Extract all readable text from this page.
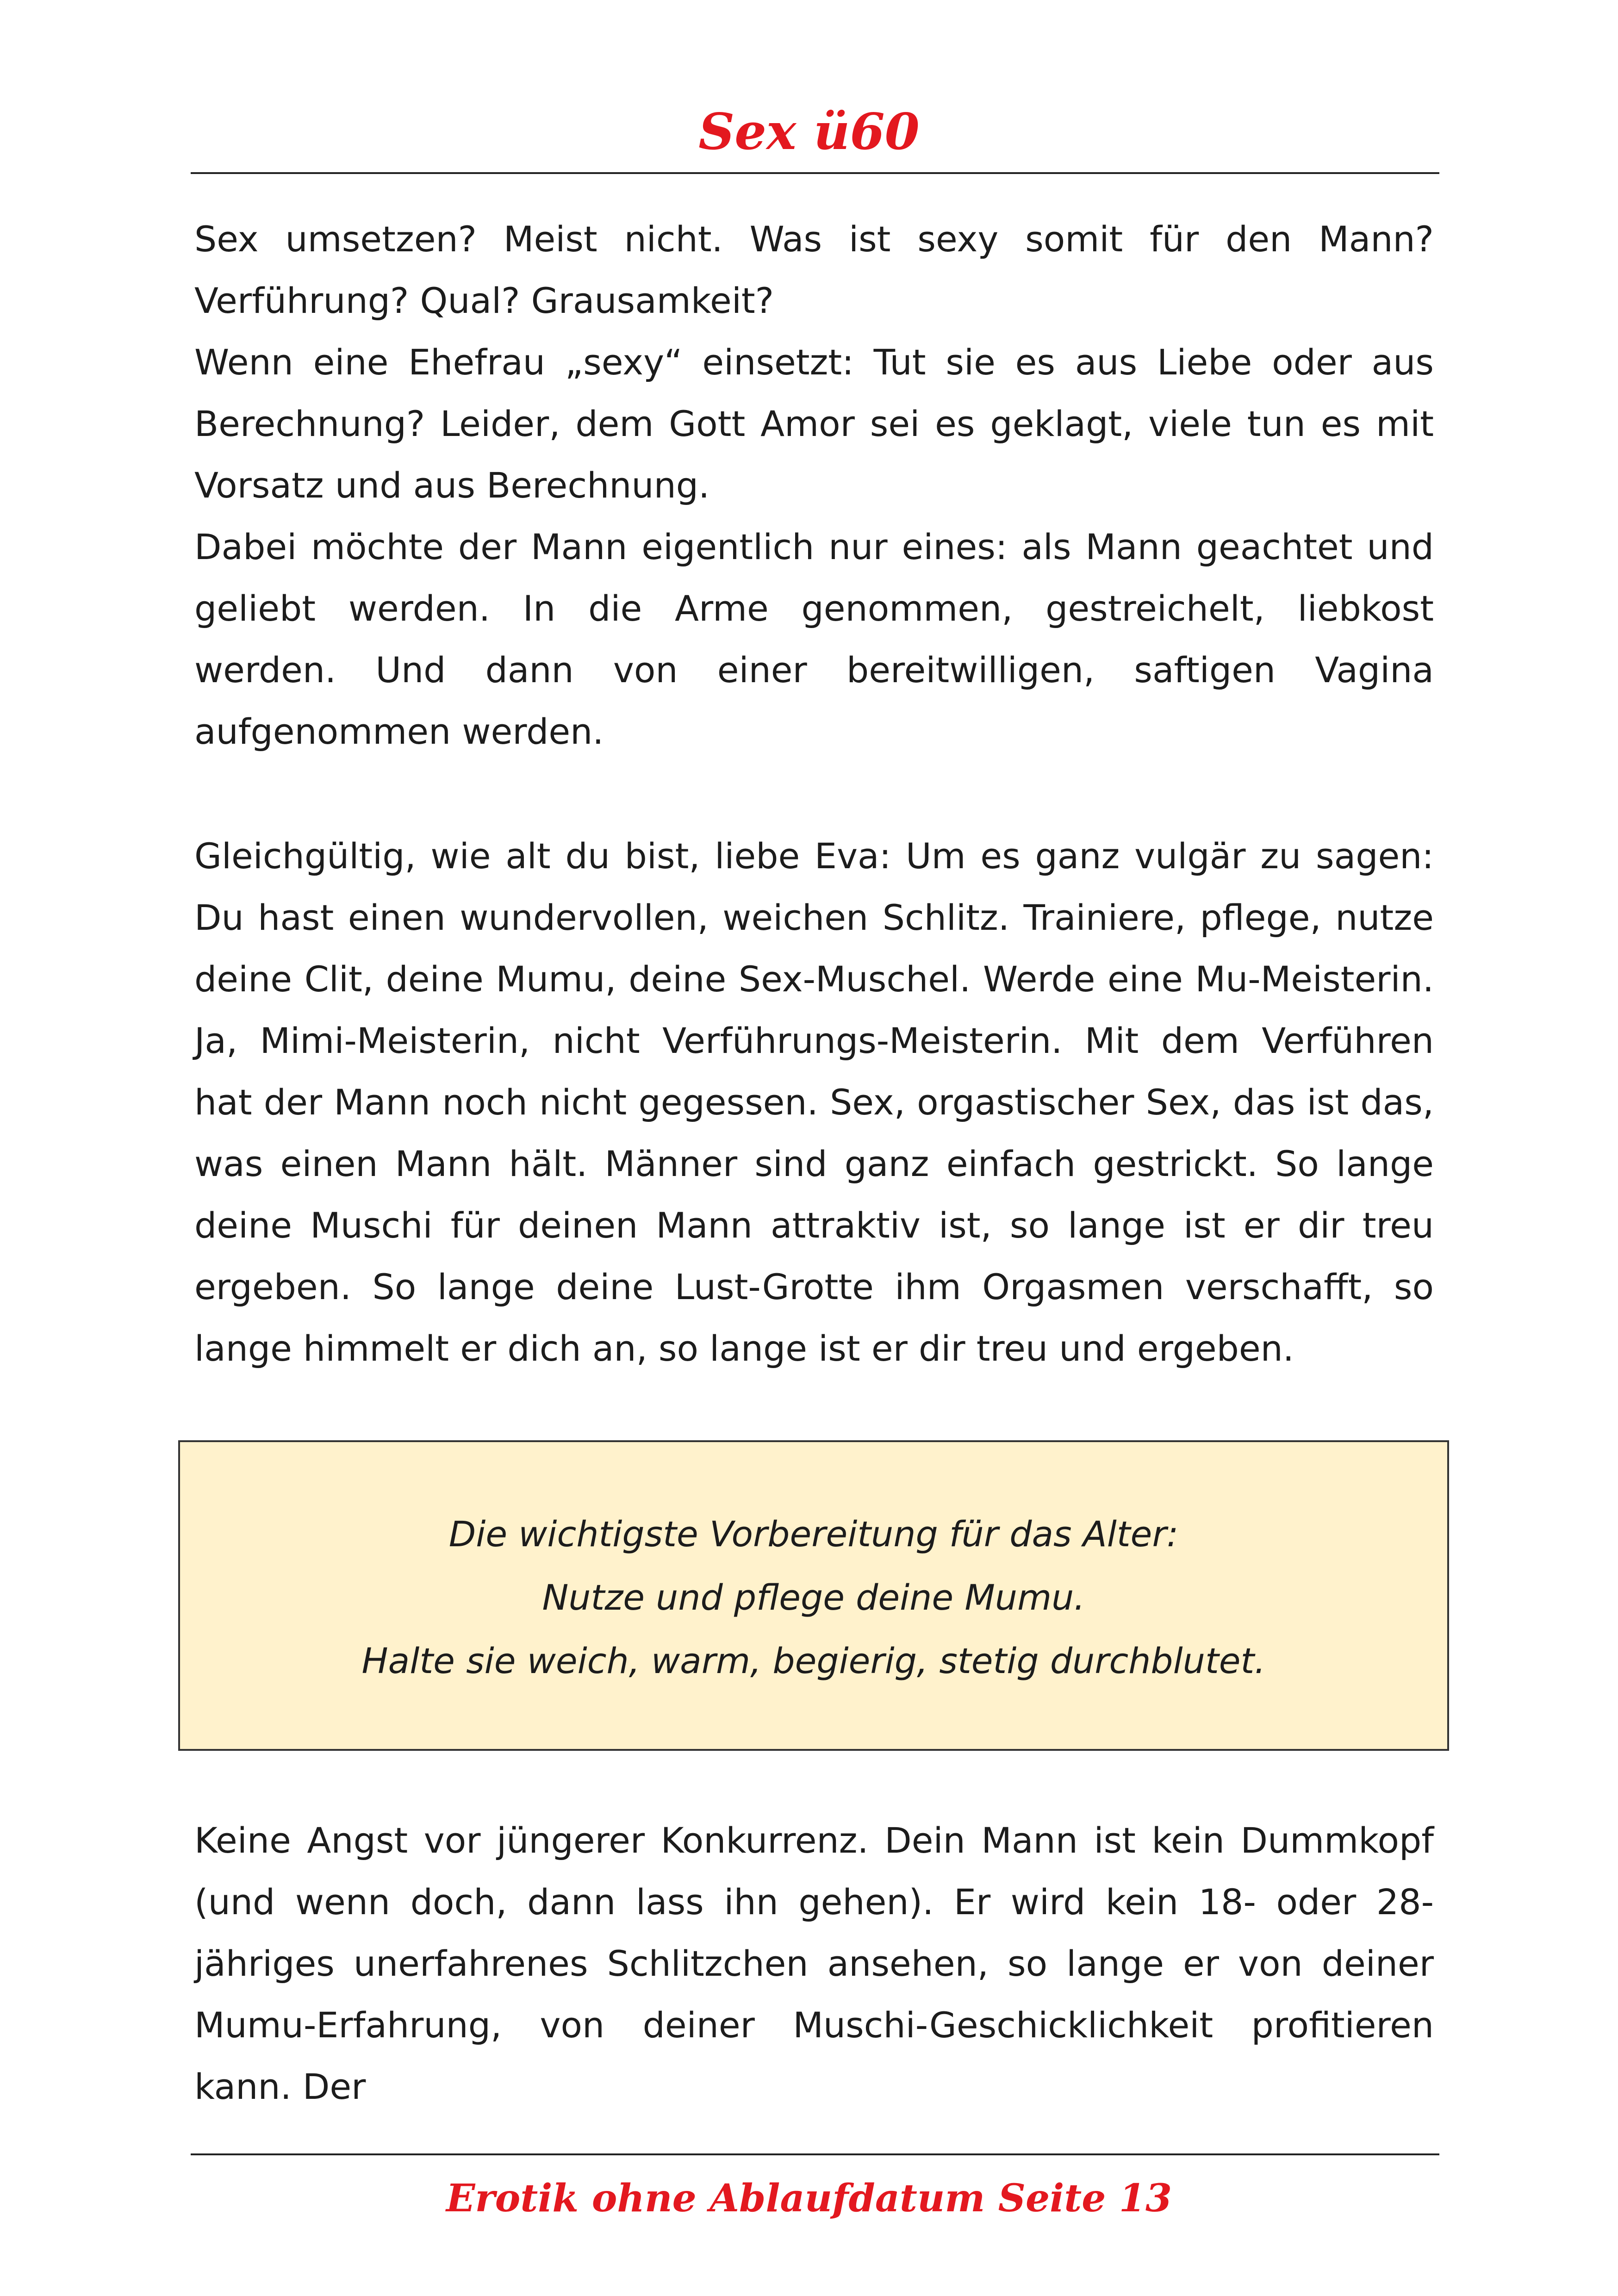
Sex ü60

Sex umsetzen? Meist nicht. Was ist sexy somit für den Mann? Verführung? Qual? Grausamkeit?

Wenn eine Ehefrau „sexy“ einsetzt: Tut sie es aus Liebe oder aus Berechnung? Leider, dem Gott Amor sei es geklagt, viele tun es mit Vorsatz und aus Berechnung.

Dabei möchte der Mann eigentlich nur eines: als Mann geachtet und geliebt werden. In die Arme genommen, gestreichelt, liebkost werden. Und dann von einer bereitwilligen, saftigen Vagina aufgenommen werden.

Gleichgültig, wie alt du bist, liebe Eva: Um es ganz vulgär zu sagen: Du hast einen wundervollen, weichen Schlitz. Trainiere, pflege, nutze deine Clit, deine Mumu, deine Sex-Muschel. Werde eine Mu-Meisterin. Ja, Mimi-Meisterin, nicht Verführungs-Meisterin. Mit dem Verführen hat der Mann noch nicht gegessen. Sex, orgastischer Sex, das ist das, was einen Mann hält. Männer sind ganz einfach gestrickt. So lange deine Muschi für deinen Mann attraktiv ist, so lange ist er dir treu ergeben. So lange deine Lust-Grotte ihm Orgasmen verschafft, so lange himmelt er dich an, so lange ist er dir treu und ergeben.

Die wichtigste Vorbereitung für das Alter:
Nutze und pflege deine Mumu.
Halte sie weich, warm, begierig, stetig durchblutet.

Keine Angst vor jüngerer Konkurrenz. Dein Mann ist kein Dummkopf (und wenn doch, dann lass ihn gehen). Er wird kein 18- oder 28- jähriges unerfahrenes Schlitzchen ansehen, so lange er von deiner Mumu-Erfahrung, von deiner Muschi-Geschicklichkeit profitieren kann. Der

Erotik ohne Ablaufdatum Seite 13
